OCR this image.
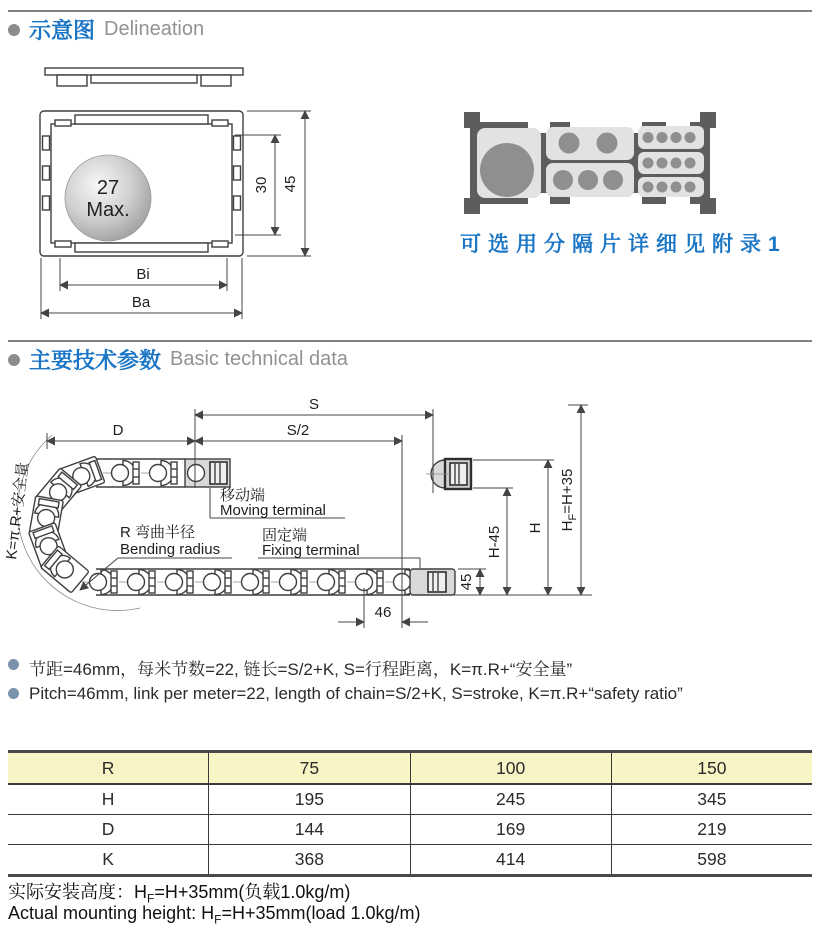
示意图 Delineation
27
Max.
30 45
Bi
Ba
可选用分隔片详细见附录1
主要技术参数 Basic technical data
S
D	S/2
K=π.R+安全量	R 弯曲半径
Bending radius
移动端
Moving terminal
固定端
Fixing terminal
46
45
H-45 H $H_F=H+35$
节距=46mm，每米节数=22, 链长=S/2+K, S=行程距离，K=π.R+“安全量”
Pitch=46mm, link per meter=22, length of chain=S/2+K, S=stroke, K=π.R+“safety ratio”
R	75	100	150
H	195	245	345
D	144	169	219
K	368	414	598
实际安装高度：$H_F=H+35mm$(负载1.0kg/m)
Actual mounting height: $H_F=H+35mm(load$ 1.0kg/m)
